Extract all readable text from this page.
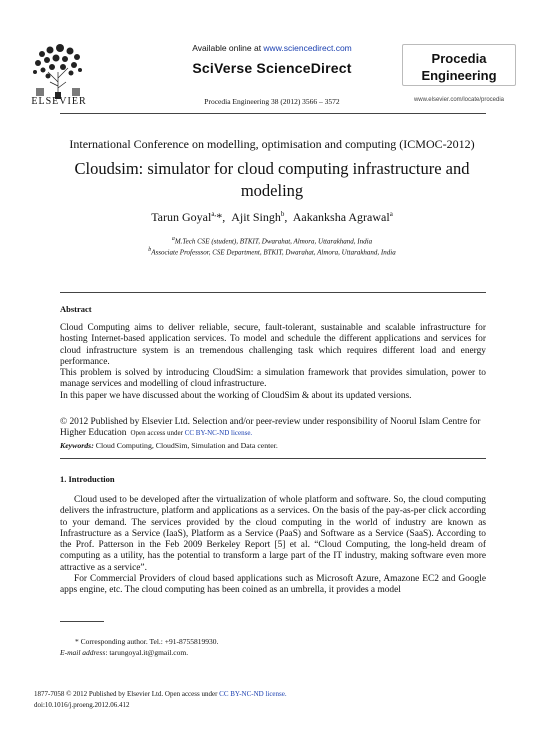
ELSEVIER
Available online at www.sciencedirect.com
SciVerse ScienceDirect
Procedia Engineering 38 (2012) 3566 – 3572
Procedia
Engineering
www.elsevier.com/locate/procedia
International Conference on modelling, optimisation and computing (ICMOC-2012)
Cloudsim: simulator for cloud computing infrastructure and modeling
Tarun Goyal$^{a,}$*,  Ajit Singh$^b$,  Aakanksha Agrawal$^a$
$^a$M.Tech CSE (student), BTKIT, Dwarahat, Almora, Uttarakhand, India
$^b$Associate Professsor, CSE Department, BTKIT, Dwarahat, Almora, Uttarakhand, India
Abstract
Cloud Computing aims to deliver reliable, secure, fault-tolerant, sustainable and scalable infrastructure for hosting Internet-based application services. To model and schedule the different applications and services for cloud infrastructure system is an tremendous challenging task which requires different load and energy performance.
This problem is solved by introducing CloudSim: a simulation framework that provides simulation, power to manage services and modelling of cloud infrastructure.
In this paper we have discussed about the working of CloudSim & about its updated versions.
© 2012 Published by Elsevier Ltd. Selection and/or peer-review under responsibility of Noorul Islam Centre for Higher Education Open access under CC BY-NC-ND license.
Keywords: Cloud Computing, CloudSim, Simulation and Data center.
1. Introduction

Cloud used to be developed after the virtualization of whole platform and software. So, the cloud computing delivers the infrastructure, platform and applications as a services. On the basis of the pay-as-per click according to your demand. The services provided by the cloud computing in the world of industry are known as Infrastructure as a Service (IaaS), Platform as a Service (PaaS) and Software as a Service (SaaS). According to the Prof. Patterson in the Feb 2009 Berkeley Report [5] et al. “Cloud Computing, the long-held dream of computing as a utility, has the potential to transform a large part of the IT industry, making software even more attractive as a service”.

For Commercial Providers of cloud based applications such as Microsoft Azure, Amazone EC2 and Google apps engine, etc. The cloud computing has been coined as an umbrella, it provides a model

* Corresponding author. Tel.: +91-8755819930.
E-mail address: tarungoyal.it@gmail.com.
1877-7058 © 2012 Published by Elsevier Ltd. Open access under CC BY-NC-ND license.
doi:10.1016/j.proeng.2012.06.412
